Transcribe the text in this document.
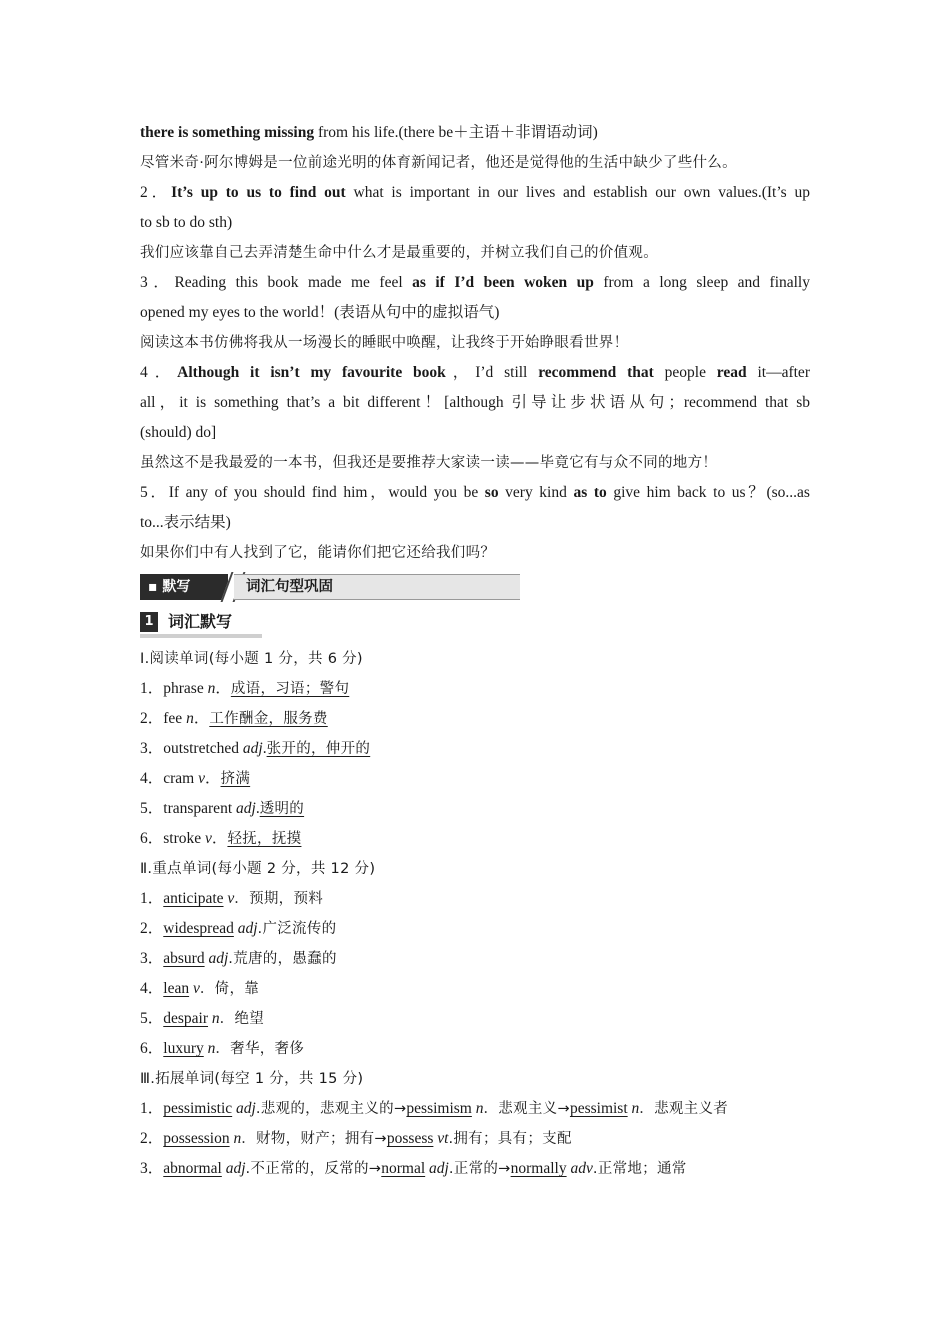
there is something missing from his life.(there be＋主语＋非谓语动词)
尽管米奇·阿尔博姆是一位前途光明的体育新闻记者，他还是觉得他的生活中缺少了些什么。
2．It’s up to us to find out what is important in our lives and establish our own values.(It’s up
to sb to do sth)
我们应该靠自己去弄清楚生命中什么才是最重要的，并树立我们自己的价值观。
3．Reading this book made me feel as if I’d been woken up from a long sleep and finally
opened my eyes to the world！(表语从句中的虚拟语气)
阅读这本书仿佛将我从一场漫长的睡眠中唤醒，让我终于开始睁眼看世界！
4．Although it isn’t my favourite book，I’d still recommend that people read it—after
all，it is something that’s a bit different！[although 引导让步状语从句；recommend that sb
(should) do]
虽然这不是我最爱的一本书，但我还是要推荐大家读一读——毕竟它有与众不同的地方！
5．If any of you should find him，would you be so very kind as to give him back to us？(so...as
to...表示结果)
如果你们中有人找到了它，能请你们把它还给我们吗？
▪ 默写	词汇句型巩固
1 词汇默写
Ⅰ.阅读单词(每小题 1 分，共 6 分)
1．phrase n．成语，习语；警句
2．fee n．工作酬金，服务费
3．outstretched adj.张开的，伸开的
4．cram v．挤满
5．transparent adj.透明的
6．stroke v．轻抚，抚摸
Ⅱ.重点单词(每小题 2 分，共 12 分)
1．anticipate v．预期，预料
2．widespread adj.广泛流传的
3．absurd adj.荒唐的，愚蠢的
4．lean v．倚，靠
5．despair n．绝望
6．luxury n．奢华，奢侈
Ⅲ.拓展单词(每空 1 分，共 15 分)
1．pessimistic adj.悲观的，悲观主义的→pessimism n．悲观主义→pessimist n．悲观主义者
2．possession n．财物，财产；拥有→possess vt.拥有；具有；支配
3．abnormal adj.不正常的，反常的→normal adj.正常的→normally adv.正常地；通常
